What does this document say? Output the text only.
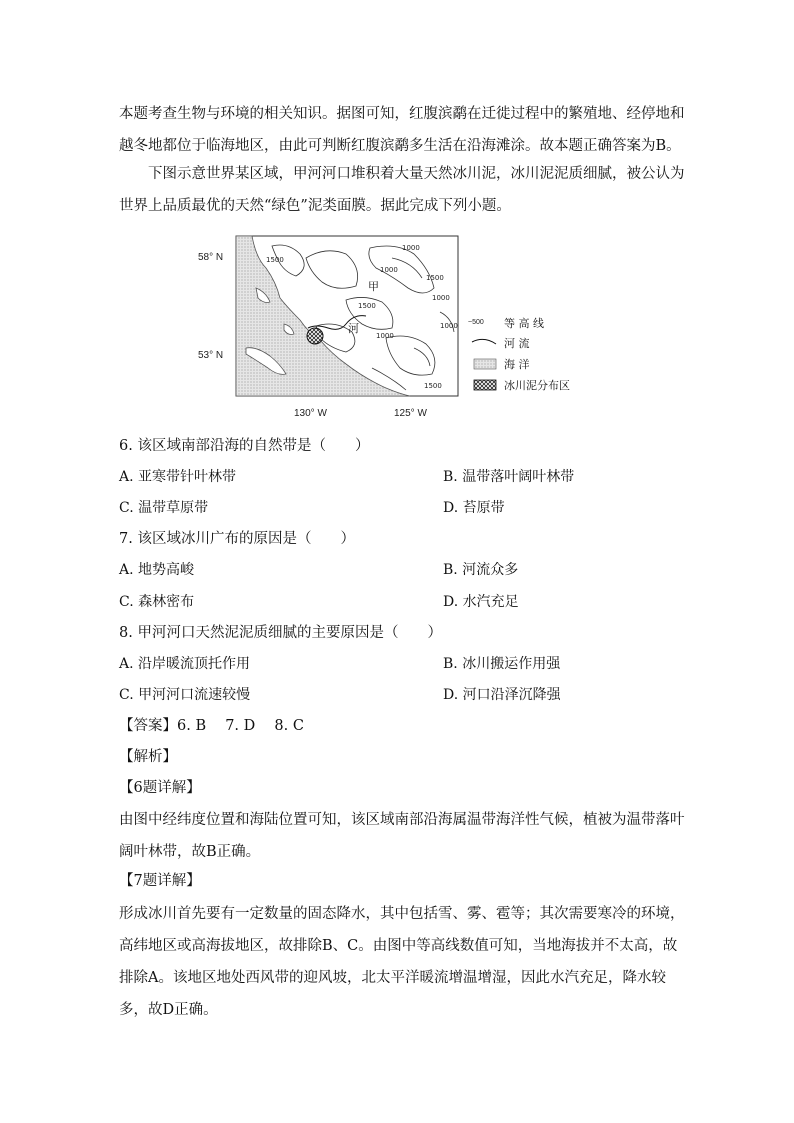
本题考查生物与环境的相关知识。据图可知，红腹滨鹬在迁徙过程中的繁殖地、经停地和越冬地都位于临海地区，由此可判断红腹滨鹬多生活在沿海滩涂。故本题正确答案为B。

下图示意世界某区域，甲河河口堆积着大量天然冰川泥，冰川泥泥质细腻，被公认为世界上品质最优的天然“绿色”泥类面膜。据此完成下列小题。

甲
河
1000
1500
1000
1500
1000
1500
1000
1500
1000
58° N
53° N
130° W	125° W
~500 等 高 线
河 流
海 洋
冰川泥分布区
6. 该区域南部沿海的自然带是（　　）
A. 亚寒带针叶林带	B. 温带落叶阔叶林带
C. 温带草原带	D. 苔原带
7. 该区域冰川广布的原因是（　　）
A. 地势高峻	B. 河流众多
C. 森林密布	D. 水汽充足
8. 甲河河口天然泥泥质细腻的主要原因是（　　）
A. 沿岸暖流顶托作用	B. 冰川搬运作用强
C. 甲河河口流速较慢	D. 河口沿泽沉降强
【答案】6. B　 7. D　 8. C
【解析】
【6题详解】

由图中经纬度位置和海陆位置可知，该区域南部沿海属温带海洋性气候，植被为温带落叶阔叶林带，故B正确。

【7题详解】

形成冰川首先要有一定数量的固态降水，其中包括雪、雾、雹等；其次需要寒冷的环境，高纬地区或高海拔地区，故排除B、C。由图中等高线数值可知，当地海拔并不太高，故排除A。该地区地处西风带的迎风坡，北太平洋暖流增温增湿，因此水汽充足，降水较多，故D正确。
